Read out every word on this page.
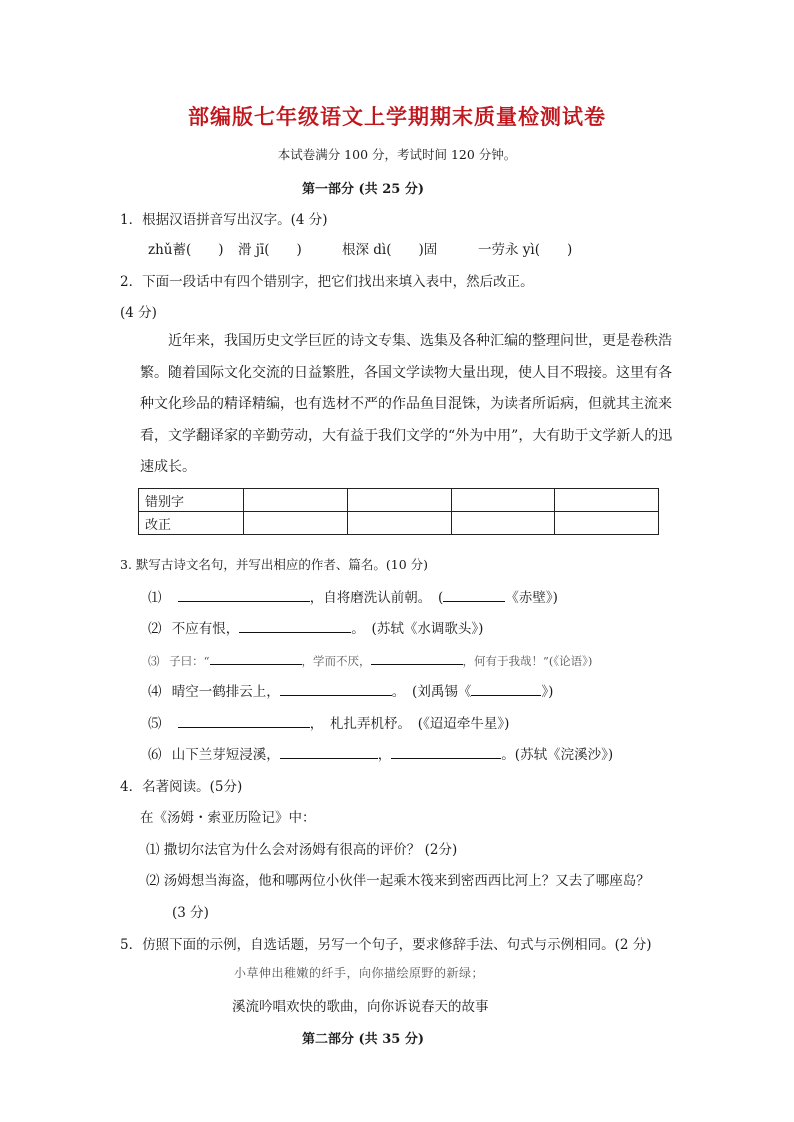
部编版七年级语文上学期期末质量检测试卷
本试卷满分 100 分，考试时间 120 分钟。
第一部分 (共 25 分)
1．根据汉语拼音写出汉字。(4 分)
zhǔ蓄(　　) 滑 jī(　　)	根深 dì(　　)固	一劳永 yì(　　)
2．下面一段话中有四个错别字，把它们找出来填入表中，然后改正。
(4 分)

近年来，我国历史文学巨匠的诗文专集、选集及各种汇编的整理问世，更是卷秩浩繁。随着国际文化交流的日益繁胜，各国文学读物大量出现，使人目不瑕接。这里有各种文化珍品的精译精编，也有选材不严的作品鱼目混铢，为读者所诟病，但就其主流来看，文学翻译家的辛勤劳动，大有益于我们文学的“外为中用”，大有助于文学新人的迅速成长。

错别字				
改正				
3. 默写古诗文名句，并写出相应的作者、篇名。(10 分)
⑴	，自将磨洗认前朝。　(	《赤壁》)
⑵ 不应有恨，	。　(苏轼《水调歌头》)
⑶ 子曰：“	，学而不厌，	，何有于我哉！”(《论语》)
⑷ 晴空一鹤排云上，	。　(刘禹锡《	》)
⑸	，　札扎弄机杼。　(《迢迢牵牛星》)
⑹ 山下兰芽短浸溪，	，	。(苏轼《浣溪沙》)
4．名著阅读。(5分)
在《汤姆・索亚历险记》中：
⑴ 撒切尔法官为什么会对汤姆有很高的评价？ (2分)
⑵ 汤姆想当海盗，他和哪两位小伙伴一起乘木筏来到密西西比河上？又去了哪座岛？
(3 分)
5．仿照下面的示例，自选话题，另写一个句子，要求修辞手法、句式与示例相同。(2 分)
小草伸出稚嫩的纤手，向你描绘原野的新绿；
溪流吟唱欢快的歌曲，向你诉说春天的故事
第二部分 (共 35 分)
